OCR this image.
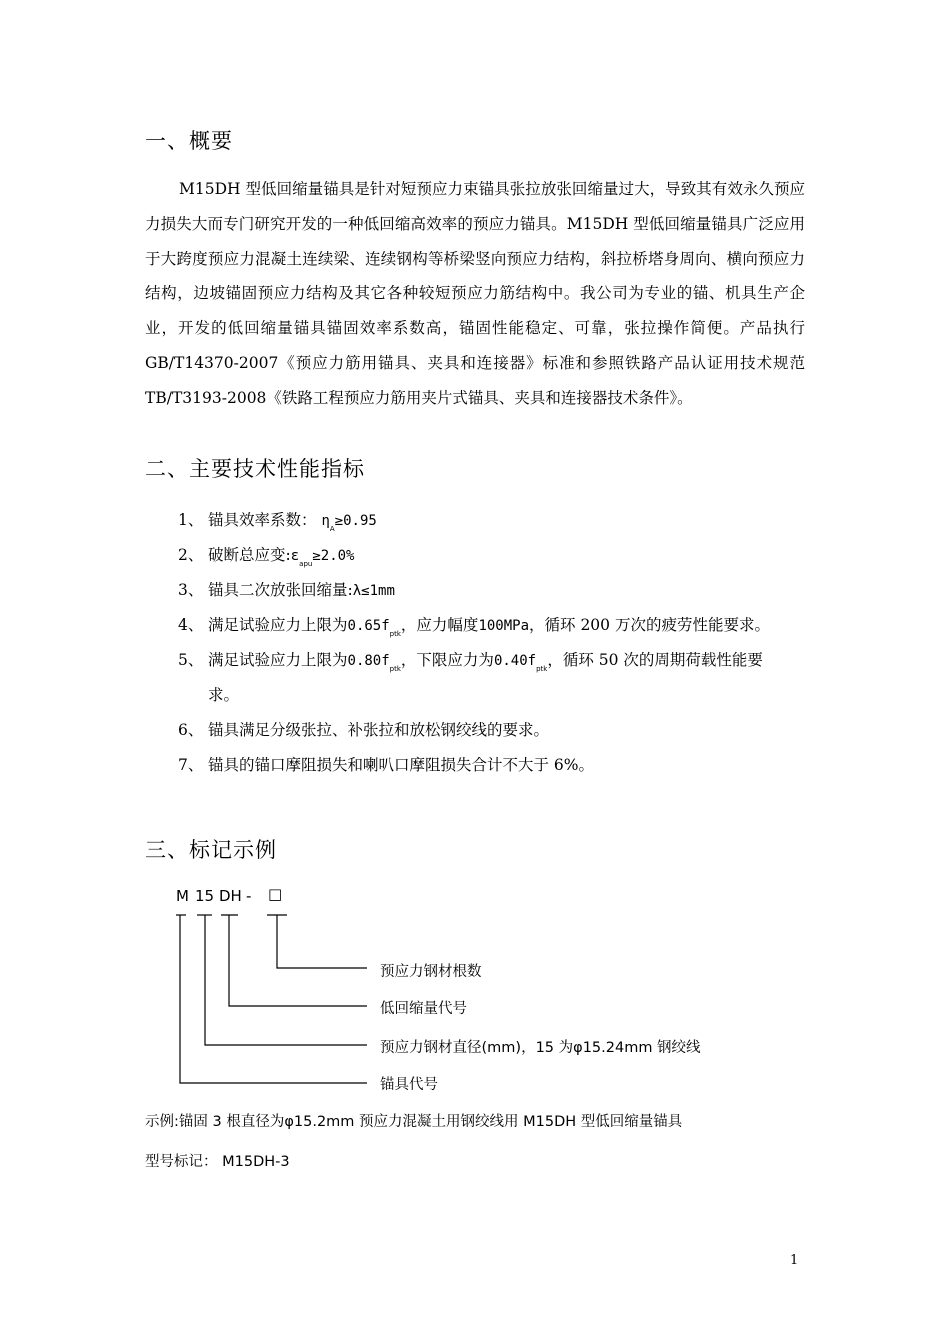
一、概要

M15DH 型低回缩量锚具是针对短预应力束锚具张拉放张回缩量过大，导致其有效永久预应力损失大而专门研究开发的一种低回缩高效率的预应力锚具。M15DH 型低回缩量锚具广泛应用于大跨度预应力混凝土连续梁、连续钢构等桥梁竖向预应力结构，斜拉桥塔身周向、横向预应力结构，边坡锚固预应力结构及其它各种较短预应力筋结构中。我公司为专业的锚、机具生产企业，开发的低回缩量锚具锚固效率系数高，锚固性能稳定、可靠，张拉操作简便。产品执行 GB/T14370-2007《预应力筋用锚具、夹具和连接器》标准和参照铁路产品认证用技术规范 TB/T3193-2008《铁路工程预应力筋用夹片式锚具、夹具和连接器技术条件》。

二、主要技术性能指标
1、 锚具效率系数： $\eta_A\ge 0.95$
2、 破断总应变$:\varepsilon_{apu}\ge 2.0\%$
3、 锚具二次放张回缩量:λ≤1mm
4、 满足试验应力上限为$0.65f_{ptk}$，应力幅度100MPa，循环 200 万次的疲劳性能要求。
5、 满足试验应力上限为$0.80f_{ptk}$，下限应力为$0.40f_{ptk}$，循环 50 次的周期荷载性能要
求。
6、 锚具满足分级张拉、补张拉和放松钢绞线的要求。
7、 锚具的锚口摩阻损失和喇叭口摩阻损失合计不大于 6%。
三、标记示例
M 15 DH - □
预应力钢材根数
低回缩量代号
预应力钢材直径(mm)，15 为φ15.24mm 钢绞线
锚具代号
示例:锚固 3 根直径为φ15.2mm 预应力混凝土用钢绞线用 M15DH 型低回缩量锚具
型号标记： M15DH-3
1
